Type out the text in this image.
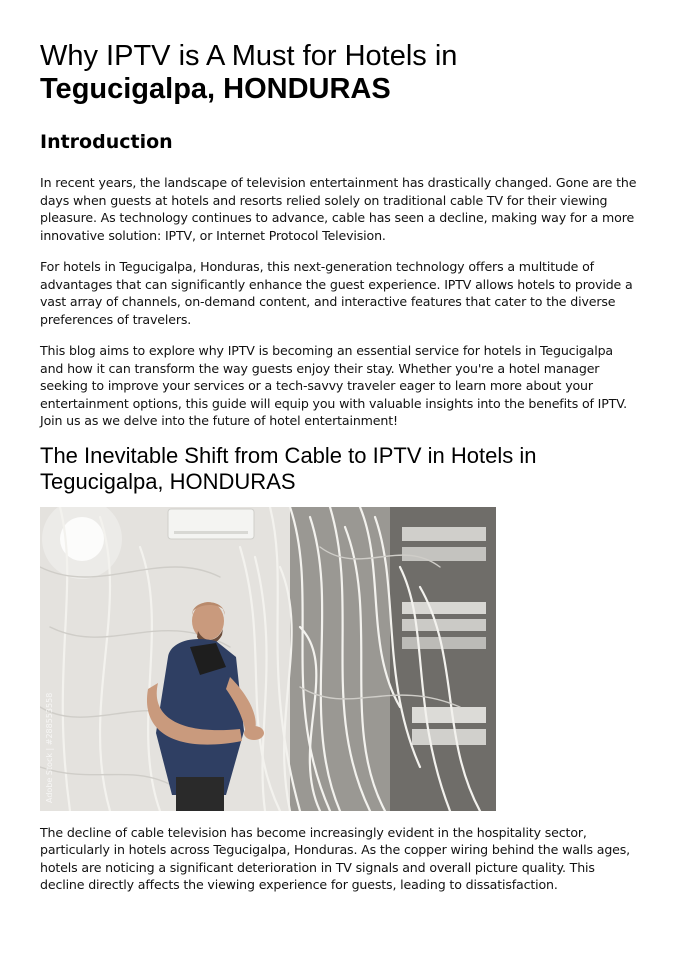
Why IPTV is A Must for Hotels in
Tegucigalpa, HONDURAS
Introduction

In recent years, the landscape of television entertainment has drastically changed. Gone are the days when guests at hotels and resorts relied solely on traditional cable TV for their viewing pleasure. As technology continues to advance, cable has seen a decline, making way for a more innovative solution: IPTV, or Internet Protocol Television.

For hotels in Tegucigalpa, Honduras, this next-generation technology offers a multitude of advantages that can significantly enhance the guest experience. IPTV allows hotels to provide a vast array of channels, on-demand content, and interactive features that cater to the diverse preferences of travelers.

This blog aims to explore why IPTV is becoming an essential service for hotels in Tegucigalpa and how it can transform the way guests enjoy their stay. Whether you're a hotel manager seeking to improve your services or a tech-savvy traveler eager to learn more about your entertainment options, this guide will equip you with valuable insights into the benefits of IPTV. Join us as we delve into the future of hotel entertainment!

The Inevitable Shift from Cable to IPTV in Hotels in Tegucigalpa, HONDURAS
Adobe Stock | #288553558

The decline of cable television has become increasingly evident in the hospitality sector, particularly in hotels across Tegucigalpa, Honduras. As the copper wiring behind the walls ages, hotels are noticing a significant deterioration in TV signals and overall picture quality. This decline directly affects the viewing experience for guests, leading to dissatisfaction.
